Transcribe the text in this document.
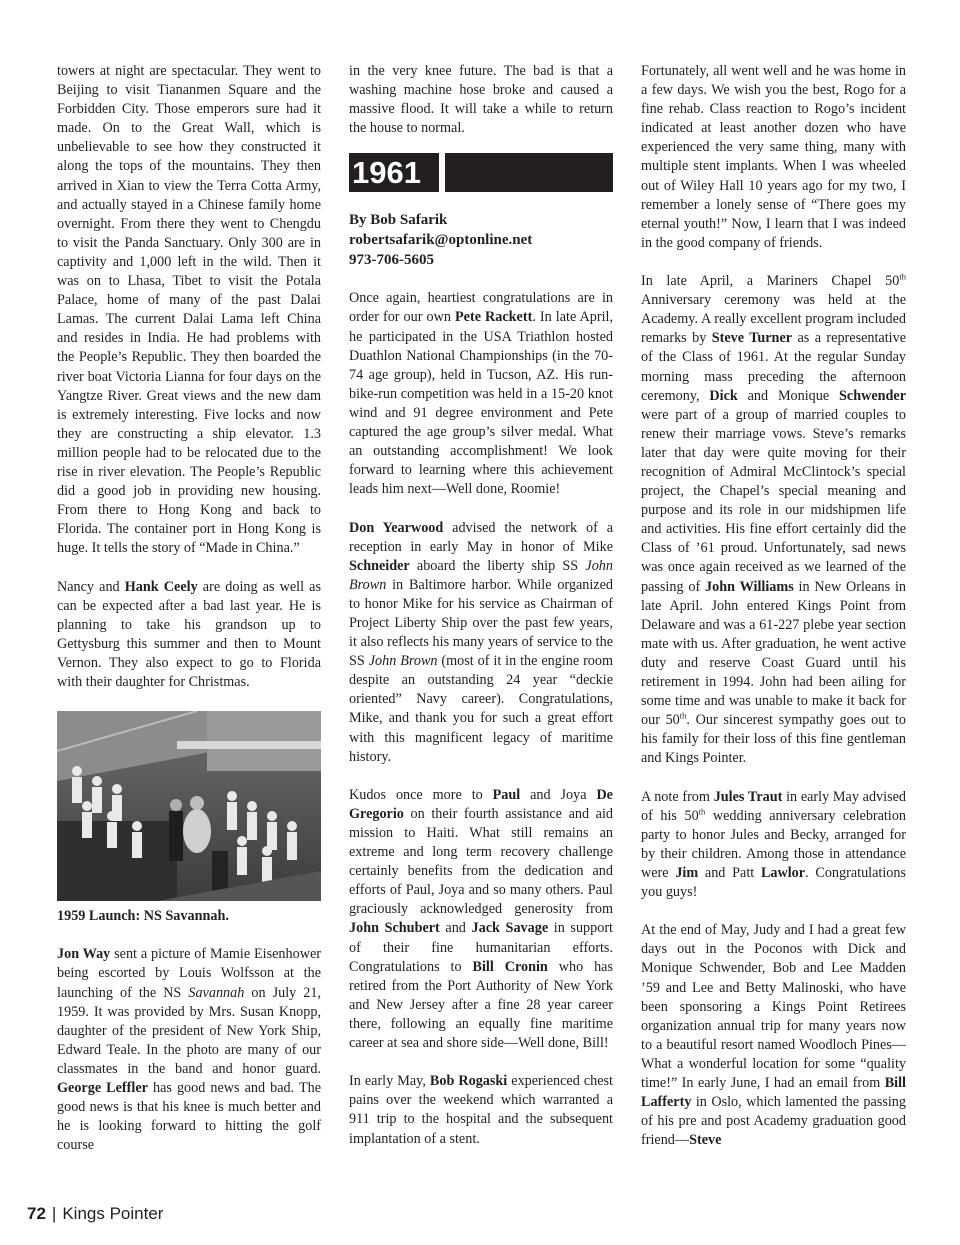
towers at night are spectacular. They went to Beijing to visit Tiananmen Square and the Forbidden City. Those emperors sure had it made. On to the Great Wall, which is unbelievable to see how they constructed it along the tops of the mountains. They then arrived in Xian to view the Terra Cotta Army, and actually stayed in a Chinese family home overnight. From there they went to Chengdu to visit the Panda Sanctuary. Only 300 are in captivity and 1,000 left in the wild. Then it was on to Lhasa, Tibet to visit the Potala Palace, home of many of the past Dalai Lamas. The current Dalai Lama left China and resides in India. He had problems with the People’s Republic. They then boarded the river boat Victoria Lianna for four days on the Yangtze River. Great views and the new dam is extremely interesting. Five locks and now they are constructing a ship elevator. 1.3 million people had to be relocated due to the rise in river elevation. The People’s Republic did a good job in providing new housing. From there to Hong Kong and back to Florida. The container port in Hong Kong is huge. It tells the story of “Made in China.”

Nancy and Hank Ceely are doing as well as can be expected after a bad last year. He is planning to take his grandson up to Gettysburg this summer and then to Mount Vernon. They also expect to go to Florida with their daughter for Christmas.

1959 Launch: NS Savannah.

Jon Way sent a picture of Mamie Eisenhower being escorted by Louis Wolfsson at the launching of the NS Savannah on July 21, 1959. It was provided by Mrs. Susan Knopp, daughter of the president of New York Ship, Edward Teale. In the photo are many of our classmates in the band and honor guard. George Leffler has good news and bad. The good news is that his knee is much better and he is looking forward to hitting the golf course

in the very knee future. The bad is that a washing machine hose broke and caused a massive flood. It will take a while to return the house to normal.

1961

By Bob Safarik
robertsafarik@optonline.net
973-706-5605

Once again, heartiest congratulations are in order for our own Pete Rackett. In late April, he participated in the USA Triathlon hosted Duathlon National Championships (in the 70-74 age group), held in Tucson, AZ. His run-bike-run competition was held in a 15-20 knot wind and 91 degree environment and Pete captured the age group’s silver medal. What an outstanding accomplishment! We look forward to learning where this achievement leads him next—Well done, Roomie!

Don Yearwood advised the network of a reception in early May in honor of Mike Schneider aboard the liberty ship SS John Brown in Baltimore harbor. While organized to honor Mike for his service as Chairman of Project Liberty Ship over the past few years, it also reflects his many years of service to the SS John Brown (most of it in the engine room despite an outstanding 24 year “deckie oriented” Navy career). Congratulations, Mike, and thank you for such a great effort with this magnificent legacy of maritime history.

Kudos once more to Paul and Joya De Gregorio on their fourth assistance and aid mission to Haiti. What still remains an extreme and long term recovery challenge certainly benefits from the dedication and efforts of Paul, Joya and so many others. Paul graciously acknowledged generosity from John Schubert and Jack Savage in support of their fine humanitarian efforts. Congratulations to Bill Cronin who has retired from the Port Authority of New York and New Jersey after a fine 28 year career there, following an equally fine maritime career at sea and shore side—Well done, Bill!

In early May, Bob Rogaski experienced chest pains over the weekend which warranted a 911 trip to the hospital and the subsequent implantation of a stent.

Fortunately, all went well and he was home in a few days. We wish you the best, Rogo for a fine rehab. Class reaction to Rogo’s incident indicated at least another dozen who have experienced the very same thing, many with multiple stent implants. When I was wheeled out of Wiley Hall 10 years ago for my two, I remember a lonely sense of “There goes my eternal youth!” Now, I learn that I was indeed in the good company of friends.

In late April, a Mariners Chapel 50th Anniversary ceremony was held at the Academy. A really excellent program included remarks by Steve Turner as a representative of the Class of 1961. At the regular Sunday morning mass preceding the afternoon ceremony, Dick and Monique Schwender were part of a group of married couples to renew their marriage vows. Steve’s remarks later that day were quite moving for their recognition of Admiral McClintock’s special project, the Chapel’s special meaning and purpose and its role in our midshipmen life and activities. His fine effort certainly did the Class of ’61 proud. Unfortunately, sad news was once again received as we learned of the passing of John Williams in New Orleans in late April. John entered Kings Point from Delaware and was a 61-227 plebe year section mate with us. After graduation, he went active duty and reserve Coast Guard until his retirement in 1994. John had been ailing for some time and was unable to make it back for our 50th. Our sincerest sympathy goes out to his family for their loss of this fine gentleman and Kings Pointer.

A note from Jules Traut in early May advised of his 50th wedding anniversary celebration party to honor Jules and Becky, arranged for by their children. Among those in attendance were Jim and Patt Lawlor. Congratulations you guys!

At the end of May, Judy and I had a great few days out in the Poconos with Dick and Monique Schwender, Bob and Lee Madden ’59 and Lee and Betty Malinoski, who have been sponsoring a Kings Point Retirees organization annual trip for many years now to a beautiful resort named Woodloch Pines—What a wonderful location for some “quality time!” In early June, I had an email from Bill Lafferty in Oslo, which lamented the passing of his pre and post Academy graduation good friend—Steve

72 | Kings Pointer
